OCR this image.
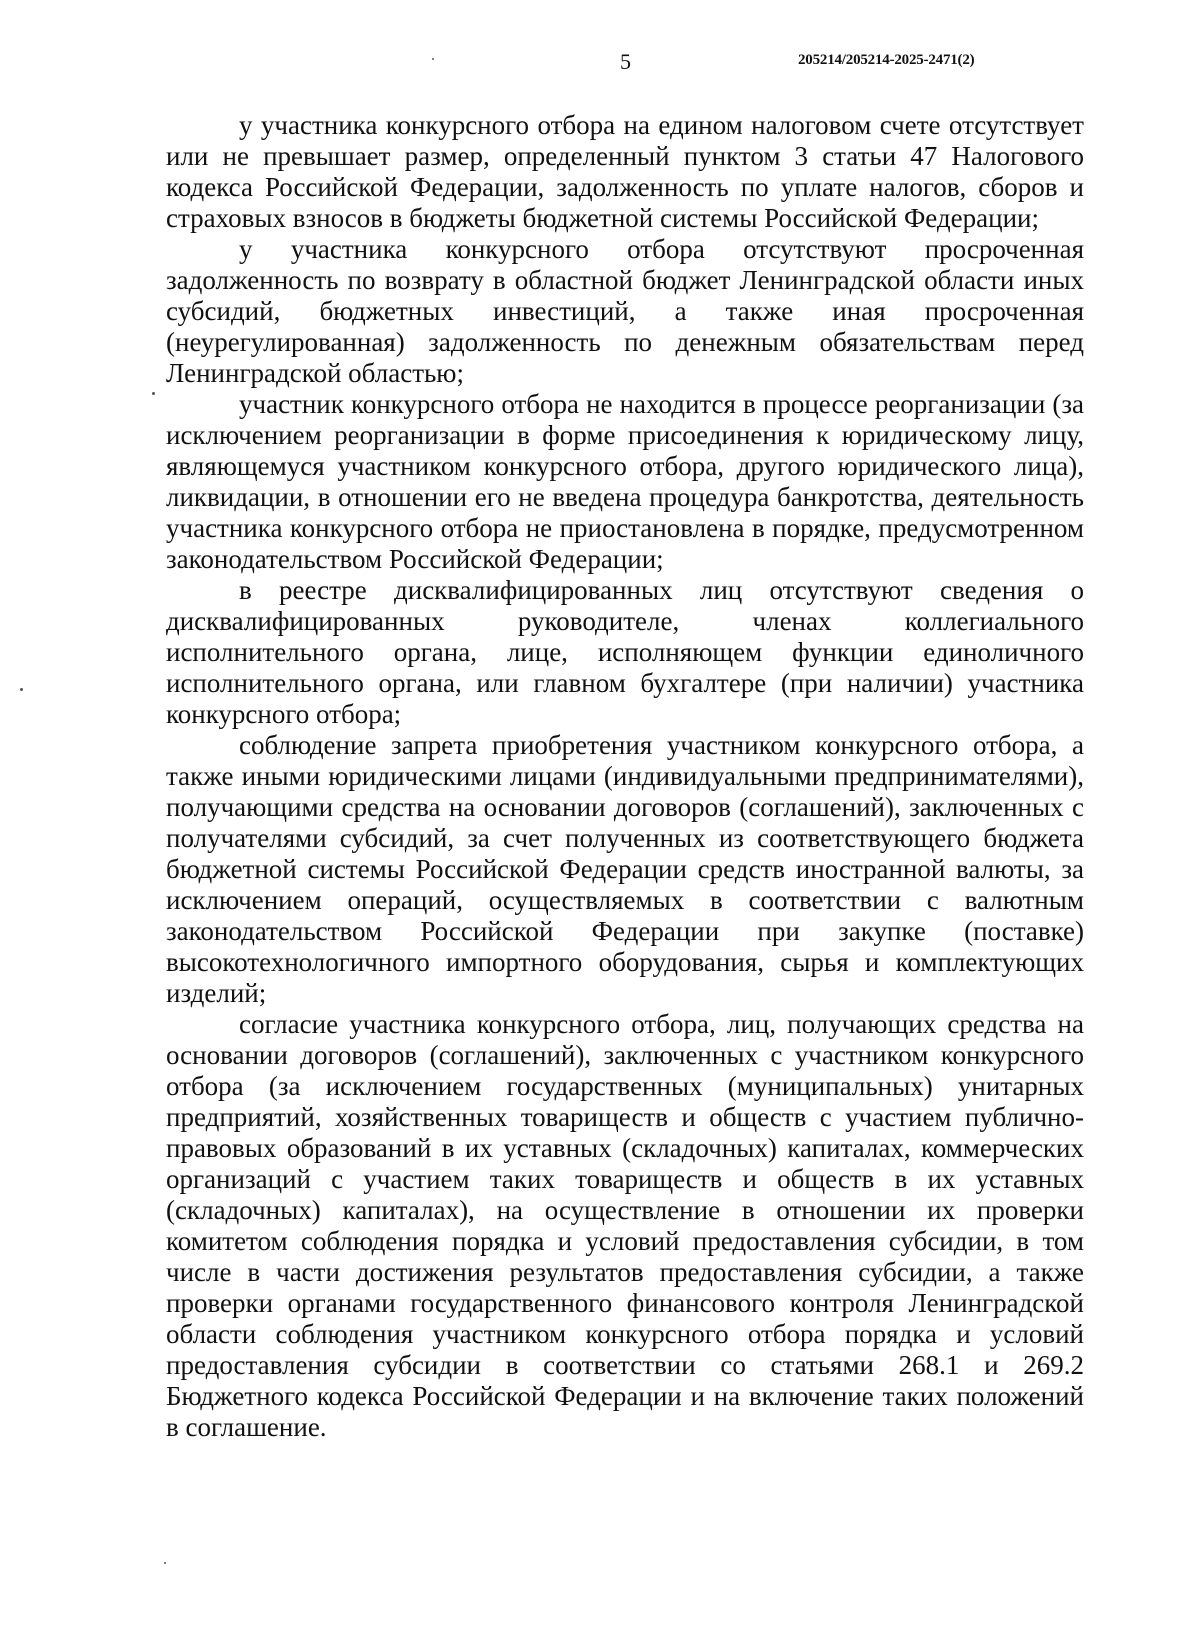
5	205214/205214-2025-2471(2)

у участника конкурсного отбора на едином налоговом счете отсутствует или не превышает размер, определенный пунктом 3 статьи 47 Налогового кодекса Российской Федерации, задолженность по уплате налогов, сборов и страховых взносов в бюджеты бюджетной системы Российской Федерации;

у участника конкурсного отбора отсутствуют просроченная задолженность по возврату в областной бюджет Ленинградской области иных субсидий, бюджетных инвестиций, а также иная просроченная (неурегулированная) задолженность по денежным обязательствам перед Ленинградской областью;

участник конкурсного отбора не находится в процессе реорганизации (за исключением реорганизации в форме присоединения к юридическому лицу, являющемуся участником конкурсного отбора, другого юридического лица), ликвидации, в отношении его не введена процедура банкротства, деятельность участника конкурсного отбора не приостановлена в порядке, предусмотренном законодательством Российской Федерации;

в реестре дисквалифицированных лиц отсутствуют сведения о дисквалифицированных руководителе, членах коллегиального исполнительного органа, лице, исполняющем функции единоличного исполнительного органа, или главном бухгалтере (при наличии) участника конкурсного отбора;

соблюдение запрета приобретения участником конкурсного отбора, а также иными юридическими лицами (индивидуальными предпринимателями), получающими средства на основании договоров (соглашений), заключенных с получателями субсидий, за счет полученных из соответствующего бюджета бюджетной системы Российской Федерации средств иностранной валюты, за исключением операций, осуществляемых в соответствии с валютным законодательством Российской Федерации при закупке (поставке) высокотехнологичного импортного оборудования, сырья и комплектующих изделий;

согласие участника конкурсного отбора, лиц, получающих средства на основании договоров (соглашений), заключенных с участником конкурсного отбора (за исключением государственных (муниципальных) унитарных предприятий, хозяйственных товариществ и обществ с участием публично-правовых образований в их уставных (складочных) капиталах, коммерческих организаций с участием таких товариществ и обществ в их уставных (складочных) капиталах), на осуществление в отношении их проверки комитетом соблюдения порядка и условий предоставления субсидии, в том числе в части достижения результатов предоставления субсидии, а также проверки органами государственного финансового контроля Ленинградской области соблюдения участником конкурсного отбора порядка и условий предоставления субсидии в соответствии со статьями 268.1 и 269.2 Бюджетного кодекса Российской Федерации и на включение таких положений в соглашение.
